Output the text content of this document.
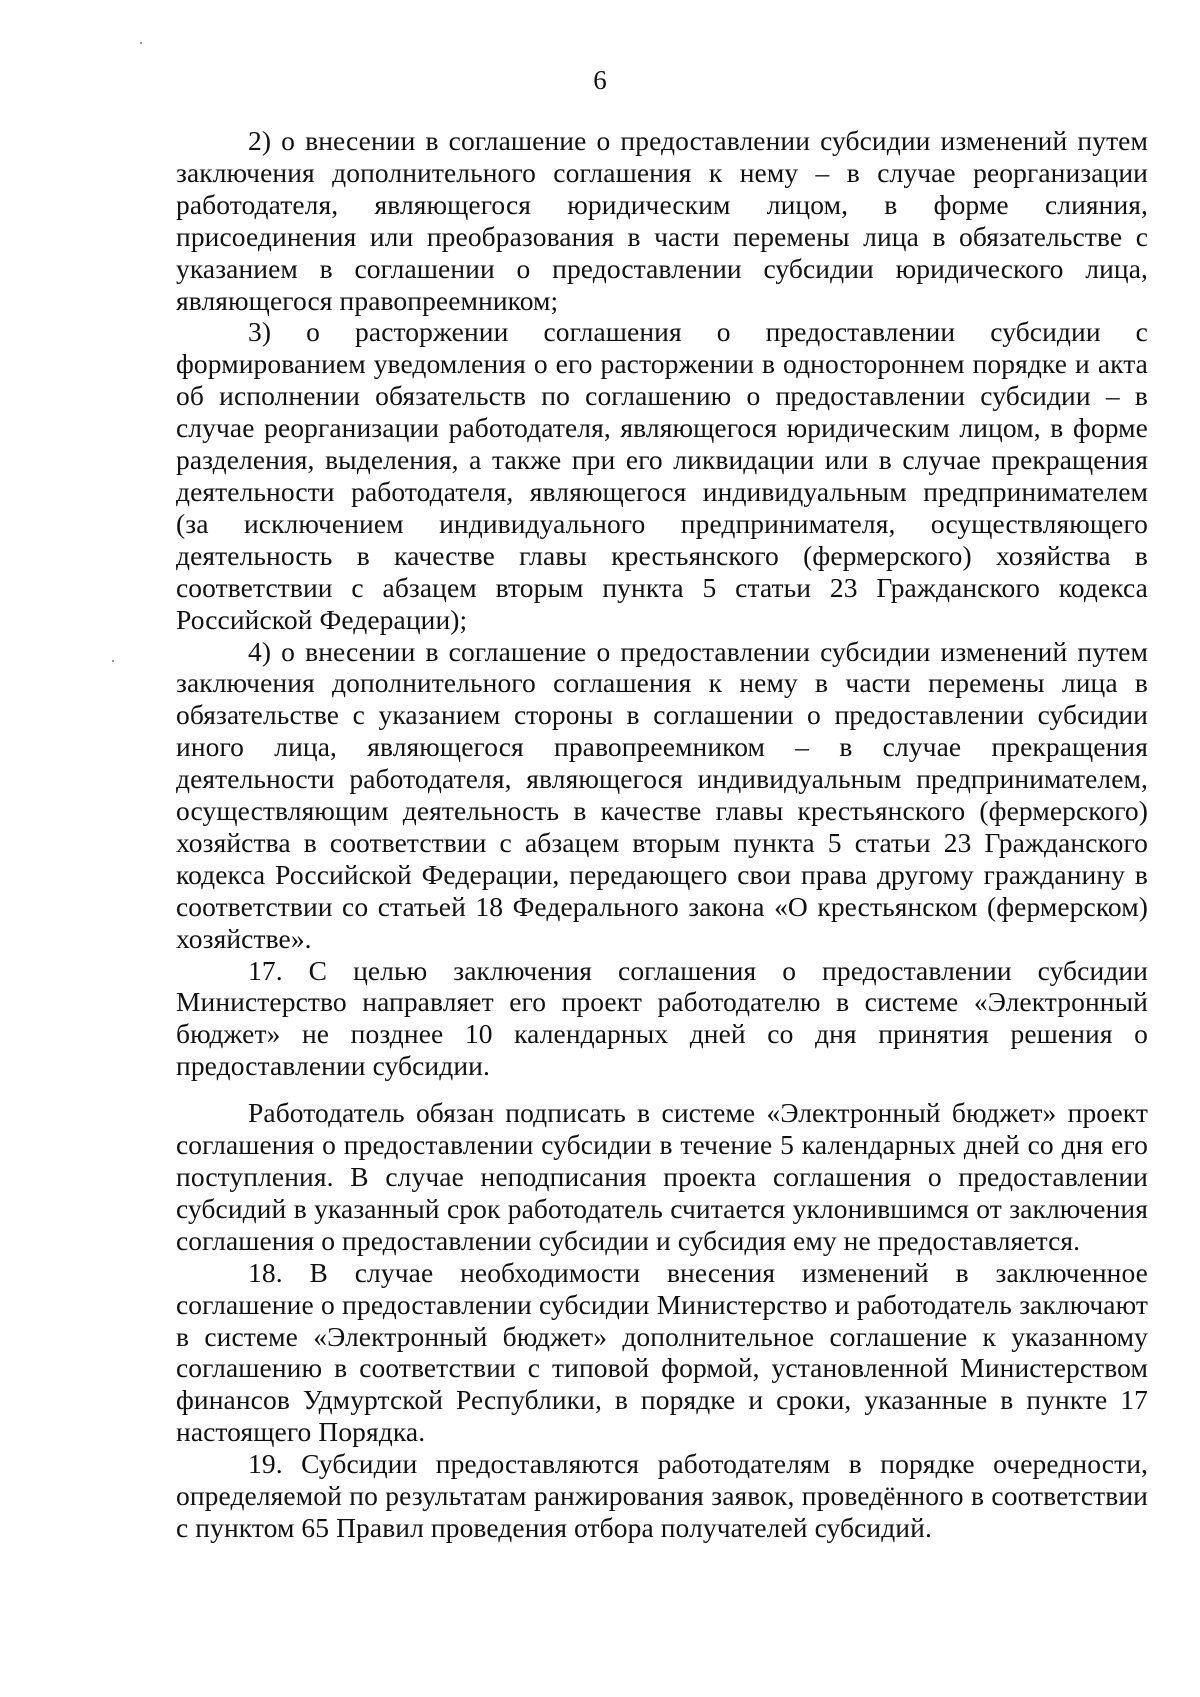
6

2) о внесении в соглашение о предоставлении субсидии изменений путем заключения дополнительного соглашения к нему – в случае реорганизации работодателя, являющегося юридическим лицом, в форме слияния, присоединения или преобразования в части перемены лица в обязательстве с указанием в соглашении о предоставлении субсидии юридического лица, являющегося правопреемником;

3) о расторжении соглашения о предоставлении субсидии с формированием уведомления о его расторжении в одностороннем порядке и акта об исполнении обязательств по соглашению о предоставлении субсидии – в случае реорганизации работодателя, являющегося юридическим лицом, в форме разделения, выделения, а также при его ликвидации или в случае прекращения деятельности работодателя, являющегося индивидуальным предпринимателем (за исключением индивидуального предпринимателя, осуществляющего деятельность в качестве главы крестьянского (фермерского) хозяйства в соответствии с абзацем вторым пункта 5 статьи 23 Гражданского кодекса Российской Федерации);

4) о внесении в соглашение о предоставлении субсидии изменений путем заключения дополнительного соглашения к нему в части перемены лица в обязательстве с указанием стороны в соглашении о предоставлении субсидии иного лица, являющегося правопреемником – в случае прекращения деятельности работодателя, являющегося индивидуальным предпринимателем, осуществляющим деятельность в качестве главы крестьянского (фермерского) хозяйства в соответствии с абзацем вторым пункта 5 статьи 23 Гражданского кодекса Российской Федерации, передающего свои права другому гражданину в соответствии со статьей 18 Федерального закона «О крестьянском (фермерском) хозяйстве».

17. С целью заключения соглашения о предоставлении субсидии Министерство направляет его проект работодателю в системе «Электронный бюджет» не позднее 10 календарных дней со дня принятия решения о предоставлении субсидии.

Работодатель обязан подписать в системе «Электронный бюджет» проект соглашения о предоставлении субсидии в течение 5 календарных дней со дня его поступления. В случае неподписания проекта соглашения о предоставлении субсидий в указанный срок работодатель считается уклонившимся от заключения соглашения о предоставлении субсидии и субсидия ему не предоставляется.

18. В случае необходимости внесения изменений в заключенное соглашение о предоставлении субсидии Министерство и работодатель заключают в системе «Электронный бюджет» дополнительное соглашение к указанному соглашению в соответствии с типовой формой, установленной Министерством финансов Удмуртской Республики, в порядке и сроки, указанные в пункте 17 настоящего Порядка.

19. Субсидии предоставляются работодателям в порядке очередности, определяемой по результатам ранжирования заявок, проведённого в соответствии с пунктом 65 Правил проведения отбора получателей субсидий.
